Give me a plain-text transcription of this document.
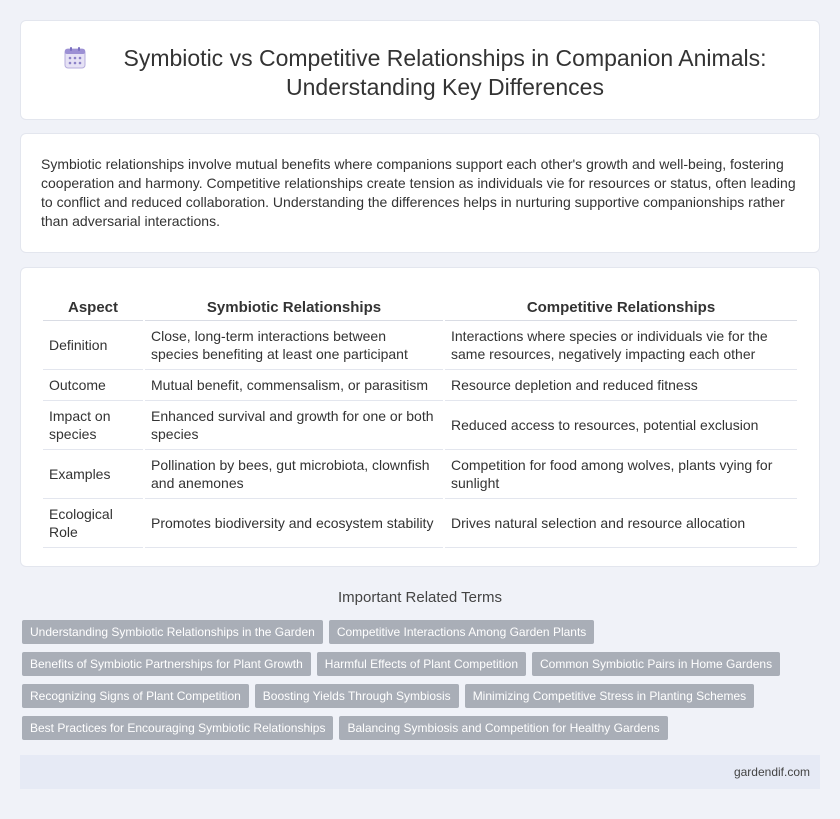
Symbiotic vs Competitive Relationships in Companion Animals: Understanding Key Differences

Symbiotic relationships involve mutual benefits where companions support each other's growth and well-being, fostering cooperation and harmony. Competitive relationships create tension as individuals vie for resources or status, often leading to conflict and reduced collaboration. Understanding the differences helps in nurturing supportive companionships rather than adversarial interactions.

Aspect	Symbiotic Relationships	Competitive Relationships
Definition	Close, long-term interactions between species benefiting at least one participant	Interactions where species or individuals vie for the same resources, negatively impacting each other
Outcome	Mutual benefit, commensalism, or parasitism	Resource depletion and reduced fitness
Impact on species	Enhanced survival and growth for one or both species	Reduced access to resources, potential exclusion
Examples	Pollination by bees, gut microbiota, clownfish and anemones	Competition for food among wolves, plants vying for sunlight
Ecological Role	Promotes biodiversity and ecosystem stability	Drives natural selection and resource allocation
Important Related Terms
Understanding Symbiotic Relationships in the Garden	Competitive Interactions Among Garden Plants
Benefits of Symbiotic Partnerships for Plant Growth	Harmful Effects of Plant Competition	Common Symbiotic Pairs in Home Gardens
Recognizing Signs of Plant Competition	Boosting Yields Through Symbiosis	Minimizing Competitive Stress in Planting Schemes
Best Practices for Encouraging Symbiotic Relationships	Balancing Symbiosis and Competition for Healthy Gardens
gardendif.com
